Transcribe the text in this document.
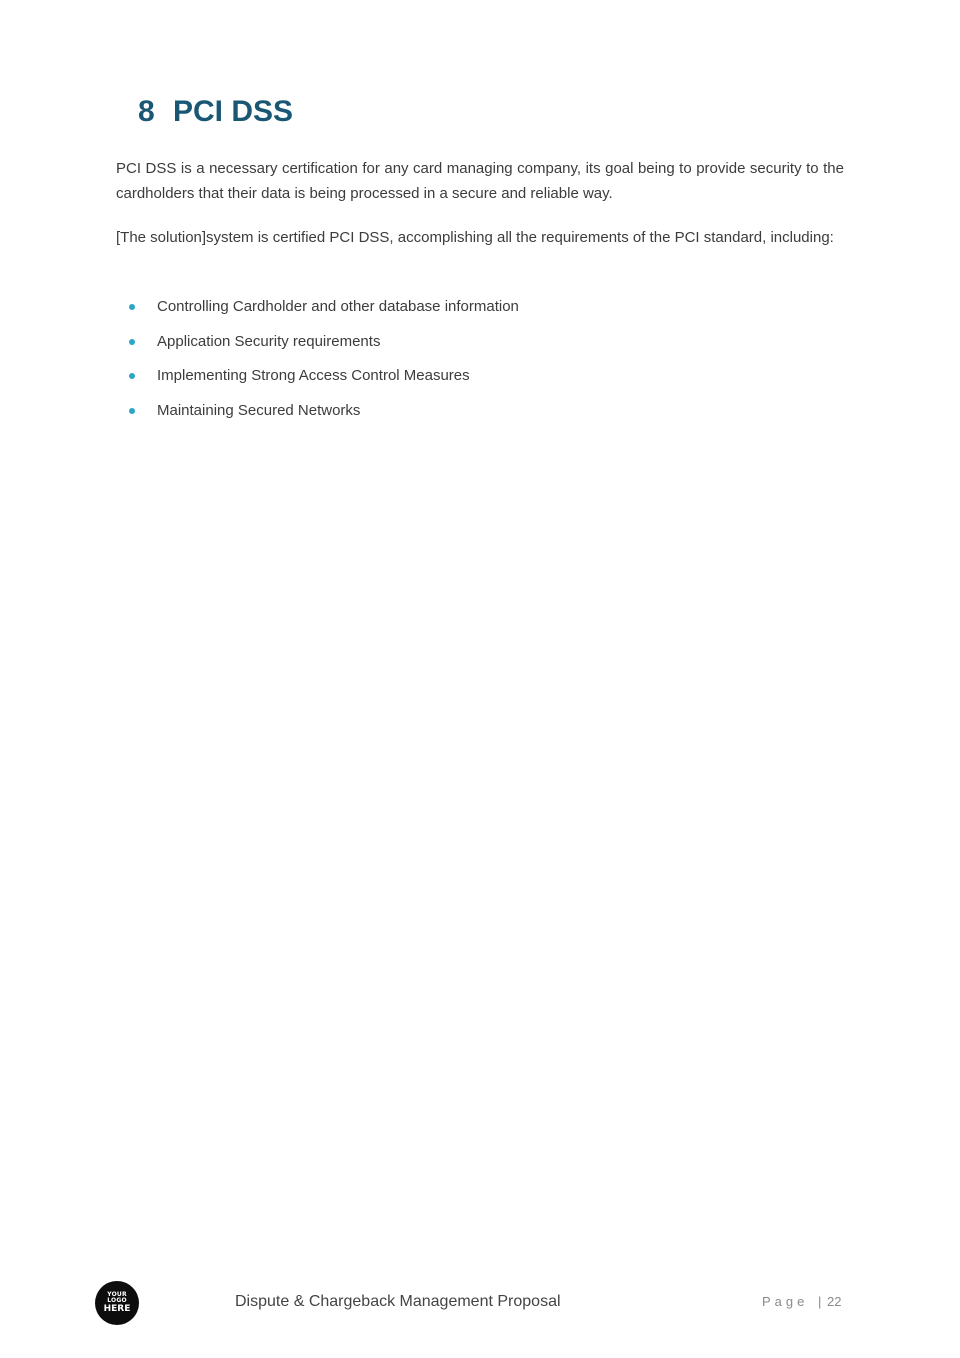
8 PCI DSS

PCI DSS is a necessary certification for any card managing company, its goal being to provide security to the cardholders that their data is being processed in a secure and reliable way.

[The solution]system is certified PCI DSS, accomplishing all the requirements of the PCI standard, including:

Controlling Cardholder and other database information
Application Security requirements
Implementing Strong Access Control Measures
Maintaining Secured Networks
YOUR
LOGO
HERE	Dispute & Chargeback Management Proposal	Page | 22
